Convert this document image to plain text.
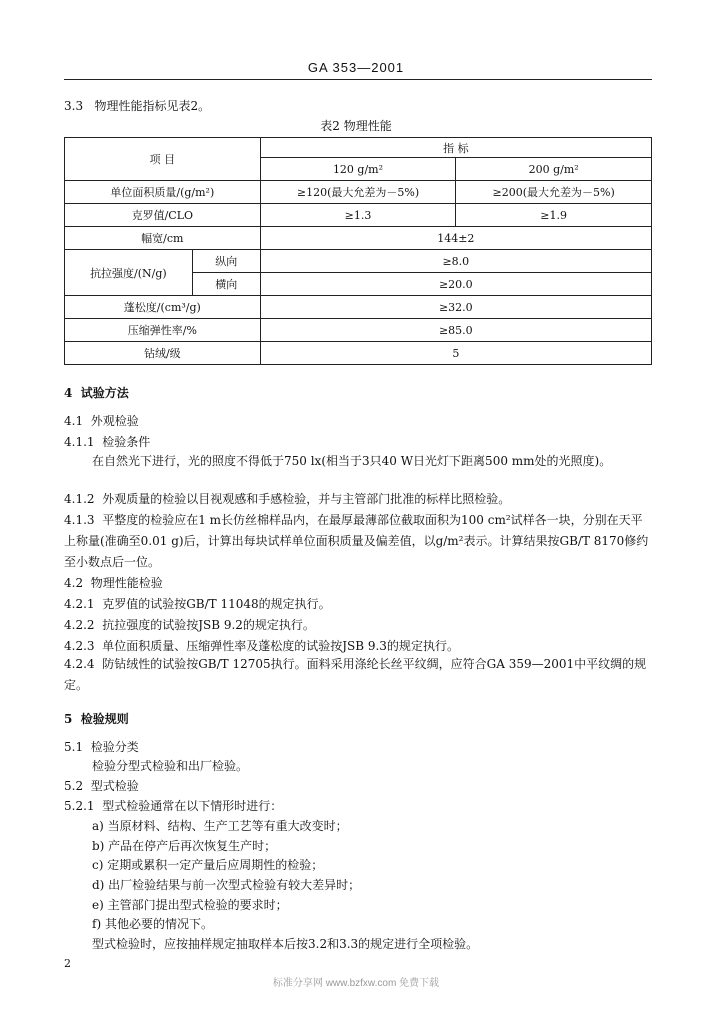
GA 353—2001
3.3 物理性能指标见表2。
表2 物理性能
项 目		指 标	
		120 g/m²	200 g/m²
单位面积质量/(g/m²)		≥120(最大允差为－5%)	≥200(最大允差为－5%)
克罗值/CLO		≥1.3	≥1.9
幅宽/cm		144±2	
抗拉强度/(N/g)	纵向	≥8.0	
	横向	≥20.0	
蓬松度/(cm³/g)		≥32.0	
压缩弹性率/%		≥85.0	
钻绒/级		5	
4 试验方法
4.1 外观检验
4.1.1 检验条件
在自然光下进行，光的照度不得低于750 lx(相当于3只40 W日光灯下距离500 mm处的光照度)。
4.1.2 外观质量的检验以目视观感和手感检验，并与主管部门批准的标样比照检验。
4.1.3 平整度的检验应在1 m长仿丝棉样品内，在最厚最薄部位截取面积为100 cm²试样各一块，分别在天平上称量(准确至0.01 g)后，计算出每块试样单位面积质量及偏差值，以g/m²表示。计算结果按GB/T 8170修约至小数点后一位。
4.2 物理性能检验
4.2.1 克罗值的试验按GB/T 11048的规定执行。
4.2.2 抗拉强度的试验按JSB 9.2的规定执行。
4.2.3 单位面积质量、压缩弹性率及蓬松度的试验按JSB 9.3的规定执行。
4.2.4 防钻绒性的试验按GB/T 12705执行。面料采用涤纶长丝平纹绸，应符合GA 359—2001中平纹绸的规定。
5 检验规则
5.1 检验分类
检验分型式检验和出厂检验。
5.2 型式检验
5.2.1 型式检验通常在以下情形时进行：
a) 当原材料、结构、生产工艺等有重大改变时；
b) 产品在停产后再次恢复生产时；
c) 定期或累积一定产量后应周期性的检验；
d) 出厂检验结果与前一次型式检验有较大差异时；
e) 主管部门提出型式检验的要求时；
f) 其他必要的情况下。
型式检验时，应按抽样规定抽取样本后按3.2和3.3的规定进行全项检验。
2
标准分享网 www.bzfxw.com 免费下载
